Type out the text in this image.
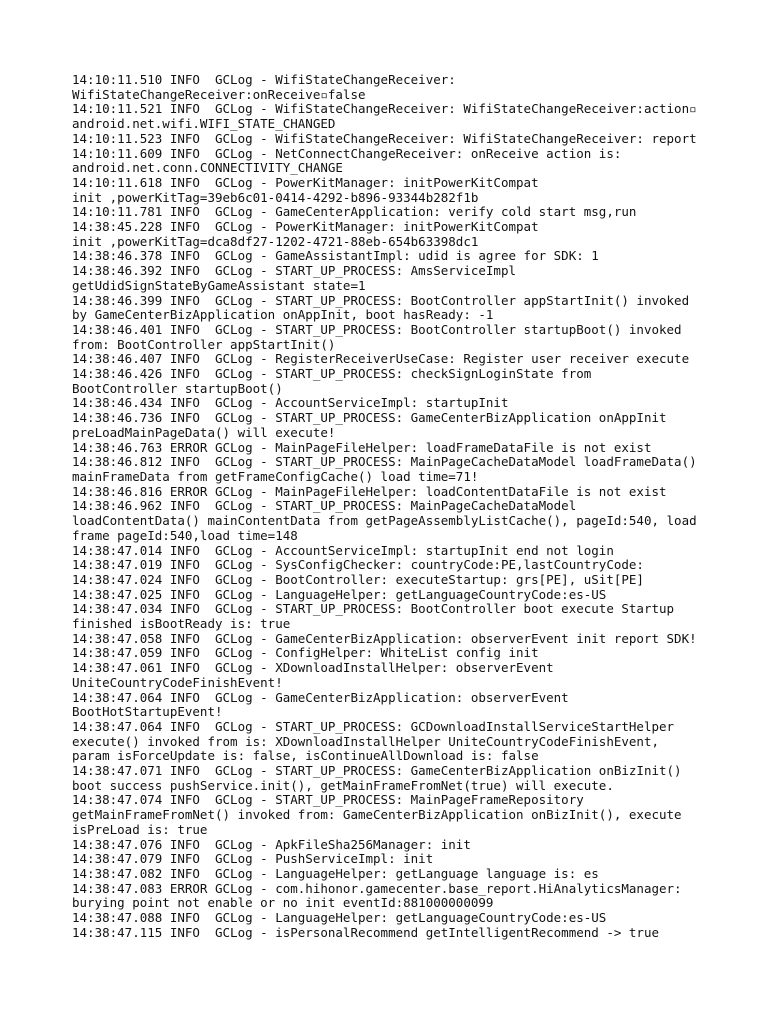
14:10:11.510 INFO  GCLog - WifiStateChangeReceiver:
WifiStateChangeReceiver:onReceive▫false
14:10:11.521 INFO  GCLog - WifiStateChangeReceiver: WifiStateChangeReceiver:action▫
android.net.wifi.WIFI_STATE_CHANGED
14:10:11.523 INFO  GCLog - WifiStateChangeReceiver: WifiStateChangeReceiver: report
14:10:11.609 INFO  GCLog - NetConnectChangeReceiver: onReceive action is:
android.net.conn.CONNECTIVITY_CHANGE
14:10:11.618 INFO  GCLog - PowerKitManager: initPowerKitCompat
init ,powerKitTag=39eb6c01-0414-4292-b896-93344b282f1b
14:10:11.781 INFO  GCLog - GameCenterApplication: verify cold start msg,run
14:38:45.228 INFO  GCLog - PowerKitManager: initPowerKitCompat
init ,powerKitTag=dca8df27-1202-4721-88eb-654b63398dc1
14:38:46.378 INFO  GCLog - GameAssistantImpl: udid is agree for SDK: 1
14:38:46.392 INFO  GCLog - START_UP_PROCESS: AmsServiceImpl
getUdidSignStateByGameAssistant state=1
14:38:46.399 INFO  GCLog - START_UP_PROCESS: BootController appStartInit() invoked
by GameCenterBizApplication onAppInit, boot hasReady: -1
14:38:46.401 INFO  GCLog - START_UP_PROCESS: BootController startupBoot() invoked
from: BootController appStartInit()
14:38:46.407 INFO  GCLog - RegisterReceiverUseCase: Register user receiver execute
14:38:46.426 INFO  GCLog - START_UP_PROCESS: checkSignLoginState from
BootController startupBoot()
14:38:46.434 INFO  GCLog - AccountServiceImpl: startupInit
14:38:46.736 INFO  GCLog - START_UP_PROCESS: GameCenterBizApplication onAppInit
preLoadMainPageData() will execute!
14:38:46.763 ERROR GCLog - MainPageFileHelper: loadFrameDataFile is not exist
14:38:46.812 INFO  GCLog - START_UP_PROCESS: MainPageCacheDataModel loadFrameData()
mainFrameData from getFrameConfigCache() load time=71!
14:38:46.816 ERROR GCLog - MainPageFileHelper: loadContentDataFile is not exist
14:38:46.962 INFO  GCLog - START_UP_PROCESS: MainPageCacheDataModel
loadContentData() mainContentData from getPageAssemblyListCache(), pageId:540, load
frame pageId:540,load time=148
14:38:47.014 INFO  GCLog - AccountServiceImpl: startupInit end not login
14:38:47.019 INFO  GCLog - SysConfigChecker: countryCode:PE,lastCountryCode:
14:38:47.024 INFO  GCLog - BootController: executeStartup: grs[PE], uSit[PE]
14:38:47.025 INFO  GCLog - LanguageHelper: getLanguageCountryCode:es-US
14:38:47.034 INFO  GCLog - START_UP_PROCESS: BootController boot execute Startup
finished isBootReady is: true
14:38:47.058 INFO  GCLog - GameCenterBizApplication: observerEvent init report SDK!
14:38:47.059 INFO  GCLog - ConfigHelper: WhiteList config init
14:38:47.061 INFO  GCLog - XDownloadInstallHelper: observerEvent
UniteCountryCodeFinishEvent!
14:38:47.064 INFO  GCLog - GameCenterBizApplication: observerEvent
BootHotStartupEvent!
14:38:47.064 INFO  GCLog - START_UP_PROCESS: GCDownloadInstallServiceStartHelper
execute() invoked from is: XDownloadInstallHelper UniteCountryCodeFinishEvent,
param isForceUpdate is: false, isContinueAllDownload is: false
14:38:47.071 INFO  GCLog - START_UP_PROCESS: GameCenterBizApplication onBizInit()
boot success pushService.init(), getMainFrameFromNet(true) will execute.
14:38:47.074 INFO  GCLog - START_UP_PROCESS: MainPageFrameRepository
getMainFrameFromNet() invoked from: GameCenterBizApplication onBizInit(), execute
isPreLoad is: true
14:38:47.076 INFO  GCLog - ApkFileSha256Manager: init
14:38:47.079 INFO  GCLog - PushServiceImpl: init
14:38:47.082 INFO  GCLog - LanguageHelper: getLanguage language is: es
14:38:47.083 ERROR GCLog - com.hihonor.gamecenter.base_report.HiAnalyticsManager:
burying point not enable or no init eventId:881000000099
14:38:47.088 INFO  GCLog - LanguageHelper: getLanguageCountryCode:es-US
14:38:47.115 INFO  GCLog - isPersonalRecommend getIntelligentRecommend -> true
